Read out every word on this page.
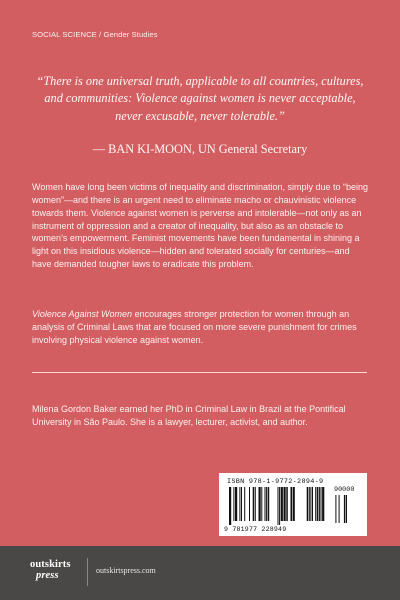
SOCIAL SCIENCE / Gender Studies
“There is one universal truth, applicable to all countries, cultures, and communities: Violence against women is never acceptable, never excusable, never tolerable.”
— BAN KI-MOON, UN General Secretary
Women have long been victims of inequality and discrimination, simply due to “being women”—and there is an urgent need to eliminate macho or chauvinistic violence towards them. Violence against women is perverse and intolerable—not only as an instrument of oppression and a creator of inequality, but also as an obstacle to women’s empowerment. Feminist movements have been fundamental in shining a light on this insidious violence—hidden and tolerated socially for centuries—and have demanded tougher laws to eradicate this problem.
Violence Against Women encourages stronger protection for women through an analysis of Criminal Laws that are focused on more severe punishment for crimes involving physical violence against women.
Milena Gordon Baker earned her PhD in Criminal Law in Brazil at the Pontifical University in São Paulo. She is a lawyer, lecturer, activist, and author.
ISBN 978-1-9772-2894-9
90000
9 781977 228949
outskirts
press	outskirtspress.com
